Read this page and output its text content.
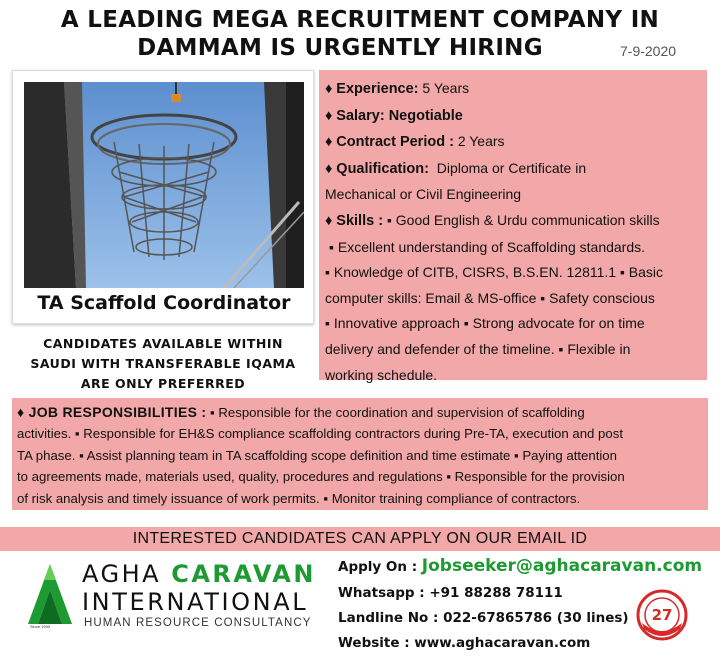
A LEADING MEGA RECRUITMENT COMPANY IN
DAMMAM IS URGENTLY HIRING	7-9-2020
TA Scaffold Coordinator
CANDIDATES AVAILABLE WITHIN
SAUDI WITH TRANSFERABLE IQAMA
ARE ONLY PREFERRED
♦ Experience: 5 Years
♦ Salary: Negotiable
♦ Contract Period : 2 Years
♦ Qualification: Diploma or Certificate in
Mechanical or Civil Engineering
♦ Skills : ▪ Good English & Urdu communication skills
▪ Excellent understanding of Scaffolding standards.
▪ Knowledge of CITB, CISRS, B.S.EN. 12811.1 ▪ Basic
computer skills: Email & MS-office ▪ Safety conscious
▪ Innovative approach ▪ Strong advocate for on time
delivery and defender of the timeline. ▪ Flexible in
working schedule.
♦ JOB RESPONSIBILITIES : ▪ Responsible for the coordination and supervision of scaffolding
activities. ▪ Responsible for EH&S compliance scaffolding contractors during Pre-TA, execution and post
TA phase. ▪ Assist planning team in TA scaffolding scope definition and time estimate ▪ Paying attention
to agreements made, materials used, quality, procedures and regulations ▪ Responsible for the provision
of risk analysis and timely issuance of work permits. ▪ Monitor training compliance of contractors.
INTERESTED CANDIDATES CAN APPLY ON OUR EMAIL ID
Since 1993
AGHA CARAVAN
INTERNATIONAL
HUMAN RESOURCE CONSULTANCY
Apply On : Jobseeker@aghacaravan.com
Whatsapp : +91 88288 78111
Landline No : 022-67865786 (30 lines)
Website : www.aghacaravan.com
27
